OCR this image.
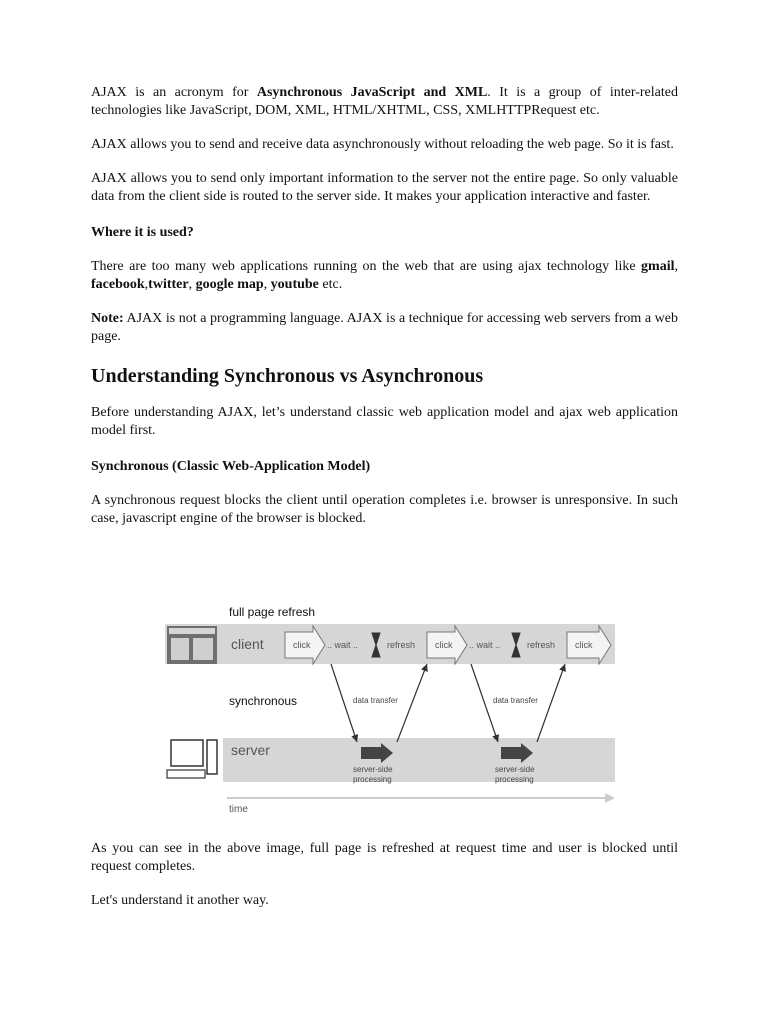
AJAX is an acronym for Asynchronous JavaScript and XML. It is a group of inter-related technologies like JavaScript, DOM, XML, HTML/XHTML, CSS, XMLHTTPRequest etc.

AJAX allows you to send and receive data asynchronously without reloading the web page. So it is fast.

AJAX allows you to send only important information to the server not the entire page. So only valuable data from the client side is routed to the server side. It makes your application interactive and faster.

Where it is used?

There are too many web applications running on the web that are using ajax technology like gmail, facebook,twitter, google map, youtube etc.

Note: AJAX is not a programming language. AJAX is a technique for accessing web servers from a web page.

Understanding Synchronous vs Asynchronous

Before understanding AJAX, let’s understand classic web application model and ajax web application model first.

Synchronous (Classic Web-Application Model)

A synchronous request blocks the client until operation completes i.e. browser is unresponsive. In such case, javascript engine of the browser is blocked.

full page refresh
client	click .. wait ..	refresh click .. wait ..	refresh click
synchronous
server
data transfer	data transfer
server-side
processing
server-side
processing
time

As you can see in the above image, full page is refreshed at request time and user is blocked until request completes.

Let's understand it another way.
